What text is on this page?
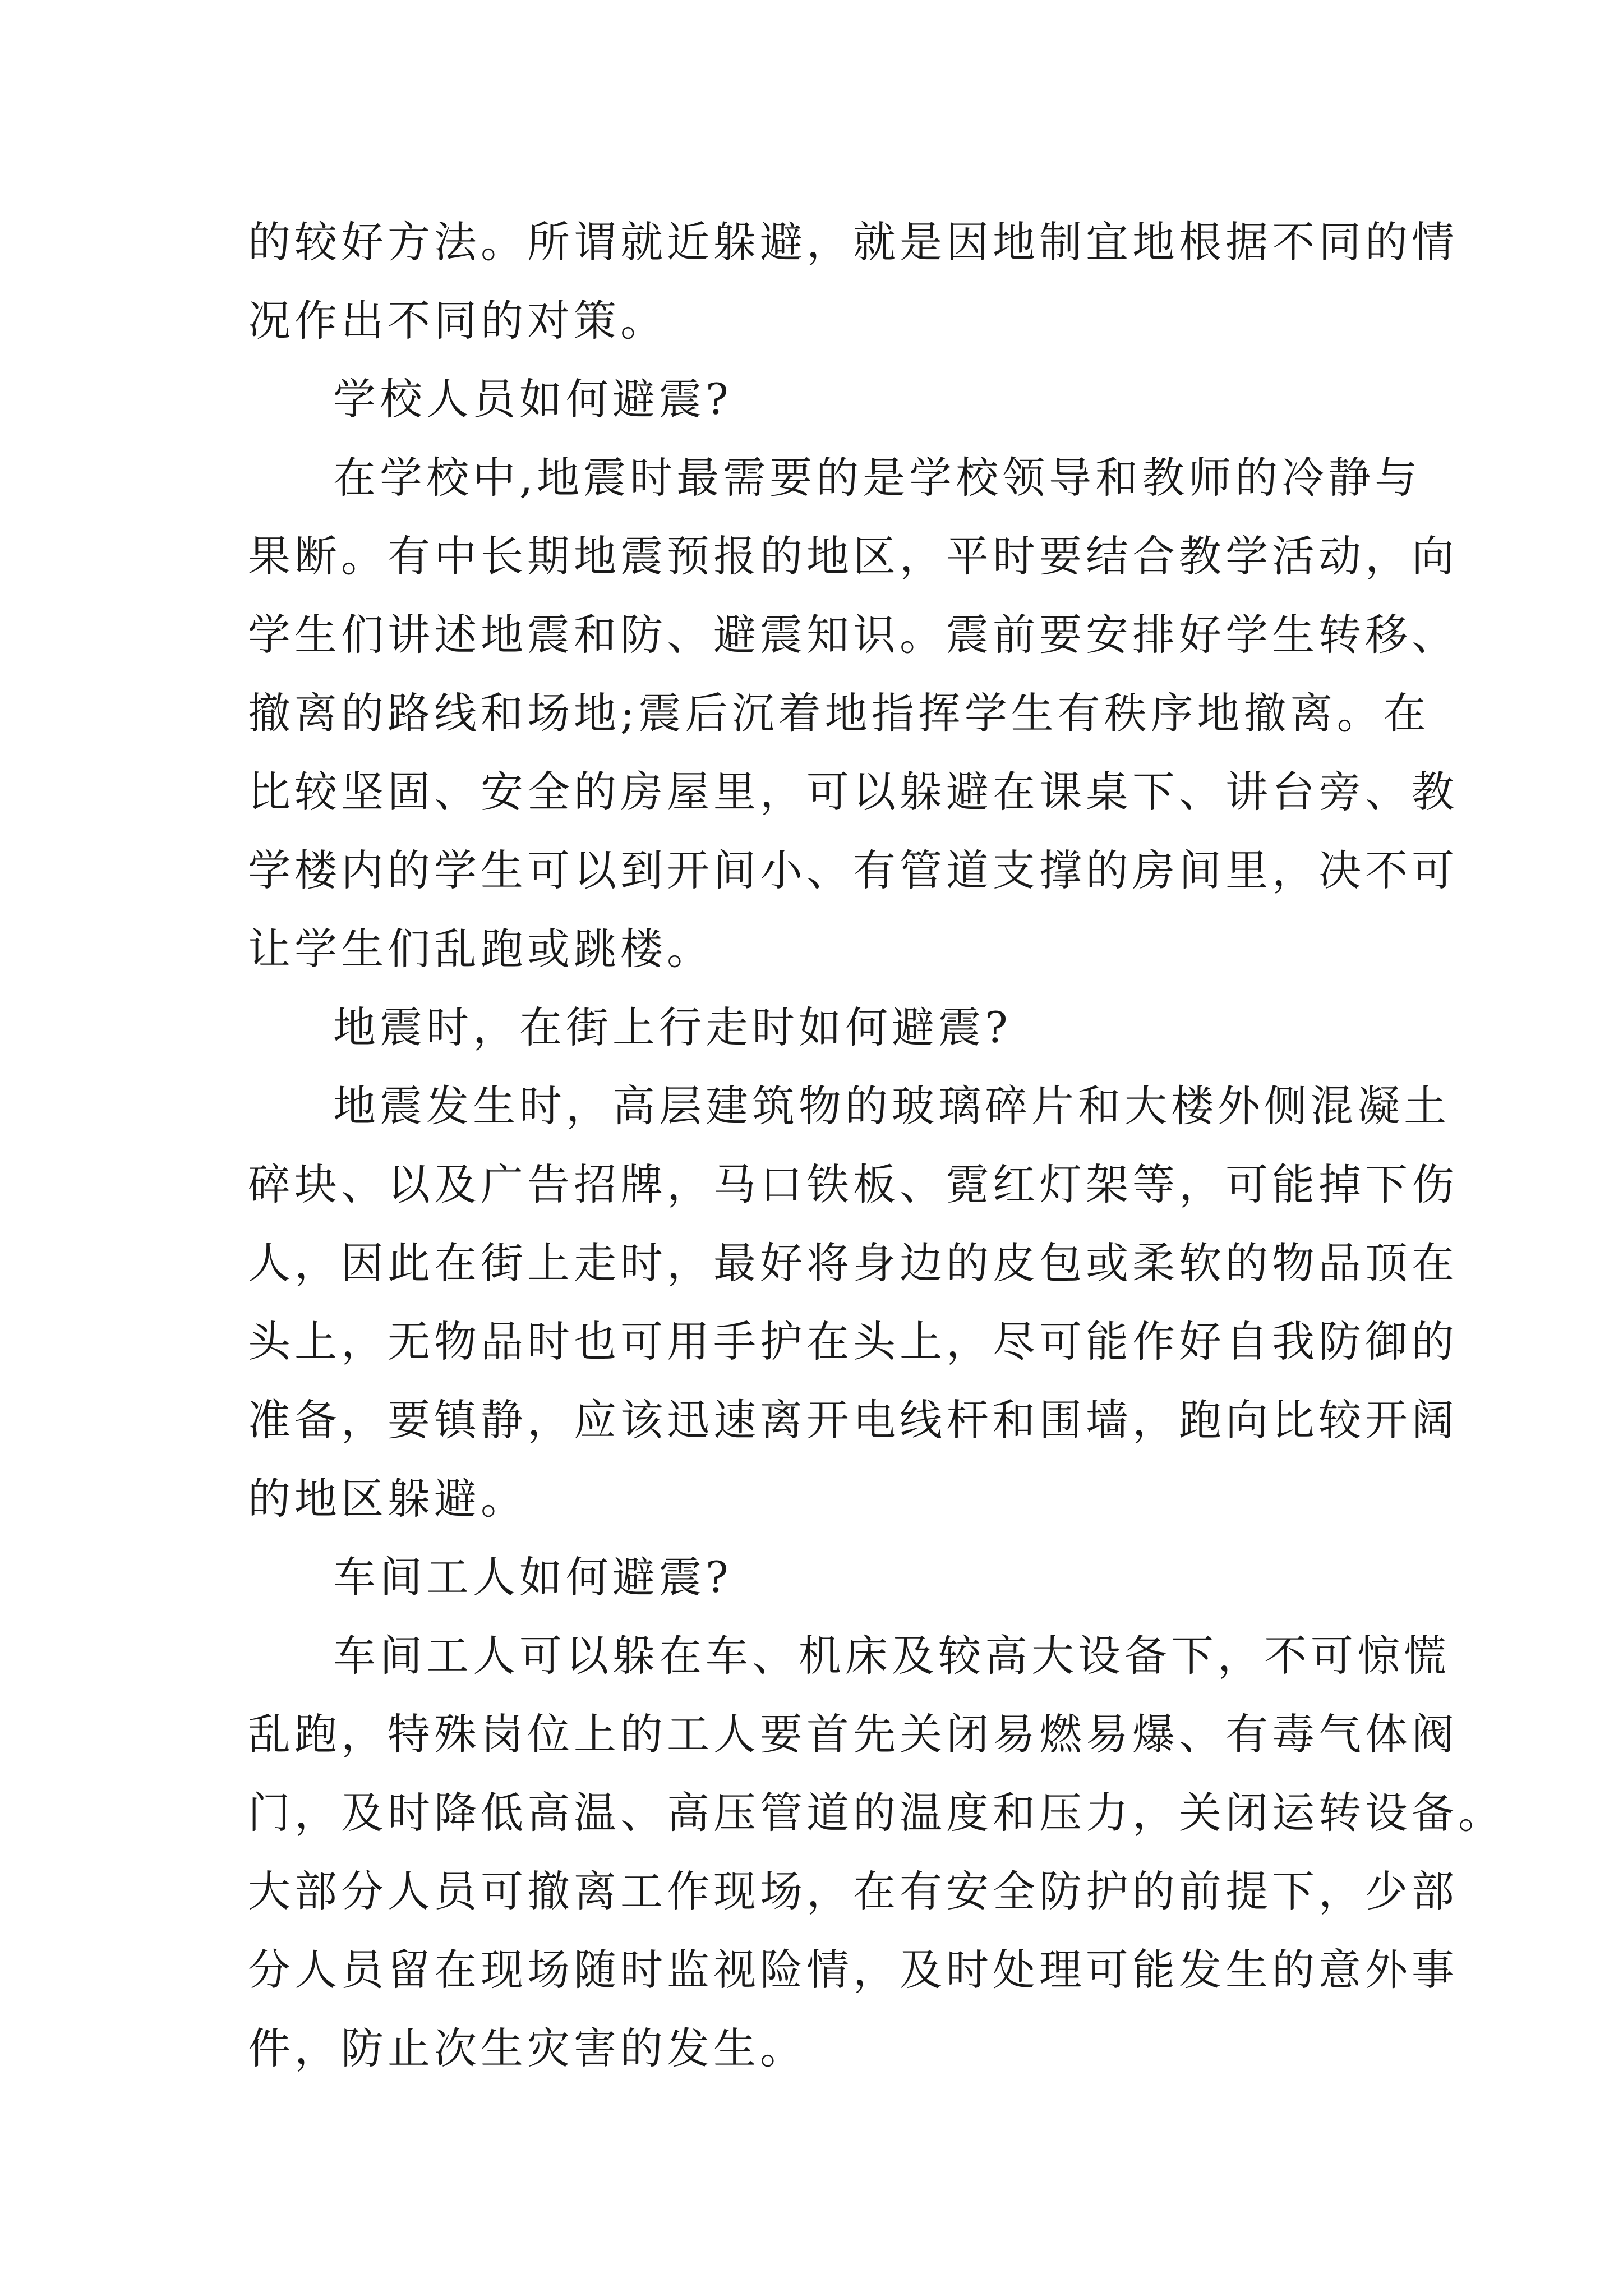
的较好方法。所谓就近躲避，就是因地制宜地根据不同的情
况作出不同的对策。
学校人员如何避震?
在学校中,地震时最需要的是学校领导和教师的冷静与
果断。有中长期地震预报的地区，平时要结合教学活动，向
学生们讲述地震和防、避震知识。震前要安排好学生转移、
撤离的路线和场地;震后沉着地指挥学生有秩序地撤离。在
比较坚固、安全的房屋里，可以躲避在课桌下、讲台旁、教
学楼内的学生可以到开间小、有管道支撑的房间里，决不可
让学生们乱跑或跳楼。
地震时，在街上行走时如何避震?
地震发生时，高层建筑物的玻璃碎片和大楼外侧混凝土
碎块、以及广告招牌，马口铁板、霓红灯架等，可能掉下伤
人，因此在街上走时，最好将身边的皮包或柔软的物品顶在
头上，无物品时也可用手护在头上，尽可能作好自我防御的
准备，要镇静，应该迅速离开电线杆和围墙，跑向比较开阔
的地区躲避。
车间工人如何避震?
车间工人可以躲在车、机床及较高大设备下，不可惊慌
乱跑，特殊岗位上的工人要首先关闭易燃易爆、有毒气体阀
门，及时降低高温、高压管道的温度和压力，关闭运转设备。
大部分人员可撤离工作现场，在有安全防护的前提下，少部
分人员留在现场随时监视险情，及时处理可能发生的意外事
件，防止次生灾害的发生。
